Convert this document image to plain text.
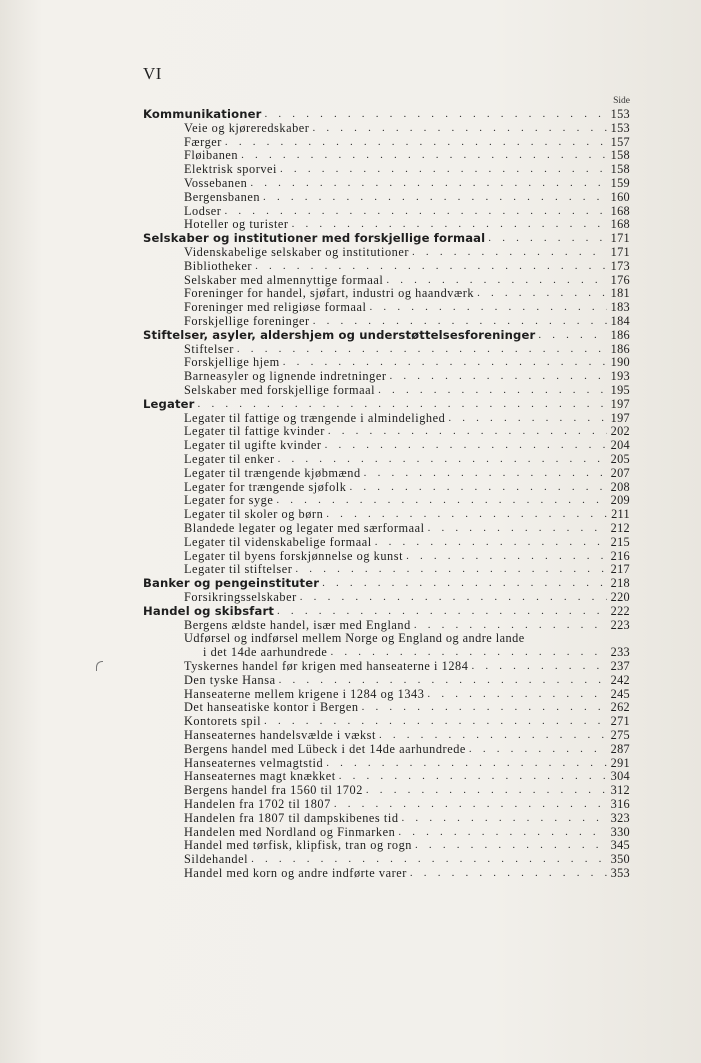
VI
Side
Kommunikationer . . .	153
Veie og kjøreredskaber . . .	153
Færger . . .	157
Fløibanen . . .	158
Elektrisk sporvei . . .	158
Vossebanen . . .	159
Bergensbanen . . .	160
Lodser . . .	168
Hoteller og turister . . .	168
Selskaber og institutioner med forskjellige formaal . . .	171
Videnskabelige selskaber og institutioner . . .	171
Bibliotheker . . .	173
Selskaber med almennyttige formaal . . .	176
Foreninger for handel, sjøfart, industri og haandværk . . .	181
Foreninger med religiøse formaal . . .	183
Forskjellige foreninger . . .	184
Stiftelser, asyler, aldershjem og understøttelsesforeninger . . .	186
Stiftelser . . .	186
Forskjellige hjem . . .	190
Barneasyler og lignende indretninger . . .	193
Selskaber med forskjellige formaal . . .	195
Legater . . .	197
Legater til fattige og trængende i almindelighed . . .	197
Legater til fattige kvinder . . .	202
Legater til ugifte kvinder . . .	204
Legater til enker . . .	205
Legater til trængende kjøbmænd . . .	207
Legater for trængende sjøfolk . . .	208
Legater for syge . . .	209
Legater til skoler og børn . . .	211
Blandede legater og legater med særformaal . . .	212
Legater til videnskabelige formaal . . .	215
Legater til byens forskjønnelse og kunst . . .	216
Legater til stiftelser . . .	217
Banker og pengeinstituter . . .	218
Forsikringsselskaber . . .	220
Handel og skibsfart . . .	222
Bergens ældste handel, især med England . . .	223
Udførsel og indførsel mellem Norge og England og andre lande
i det 14de aarhundrede . . .	233
Tyskernes handel før krigen med hanseaterne i 1284 . . .	237
Den tyske Hansa . . .	242
Hanseaterne mellem krigene i 1284 og 1343 . . .	245
Det hanseatiske kontor i Bergen . . .	262
Kontorets spil . . .	271
Hanseaternes handelsvælde i vækst . . .	275
Bergens handel med Lübeck i det 14de aarhundrede . . .	287
Hanseaternes velmagtstid . . .	291
Hanseaternes magt knækket . . .	304
Bergens handel fra 1560 til 1702 . . .	312
Handelen fra 1702 til 1807 . . .	316
Handelen fra 1807 til dampskibenes tid . . .	323
Handelen med Nordland og Finmarken . . .	330
Handel med tørfisk, klipfisk, tran og rogn . . .	345
Sildehandel . . .	350
Handel med korn og andre indførte varer . . .	353
